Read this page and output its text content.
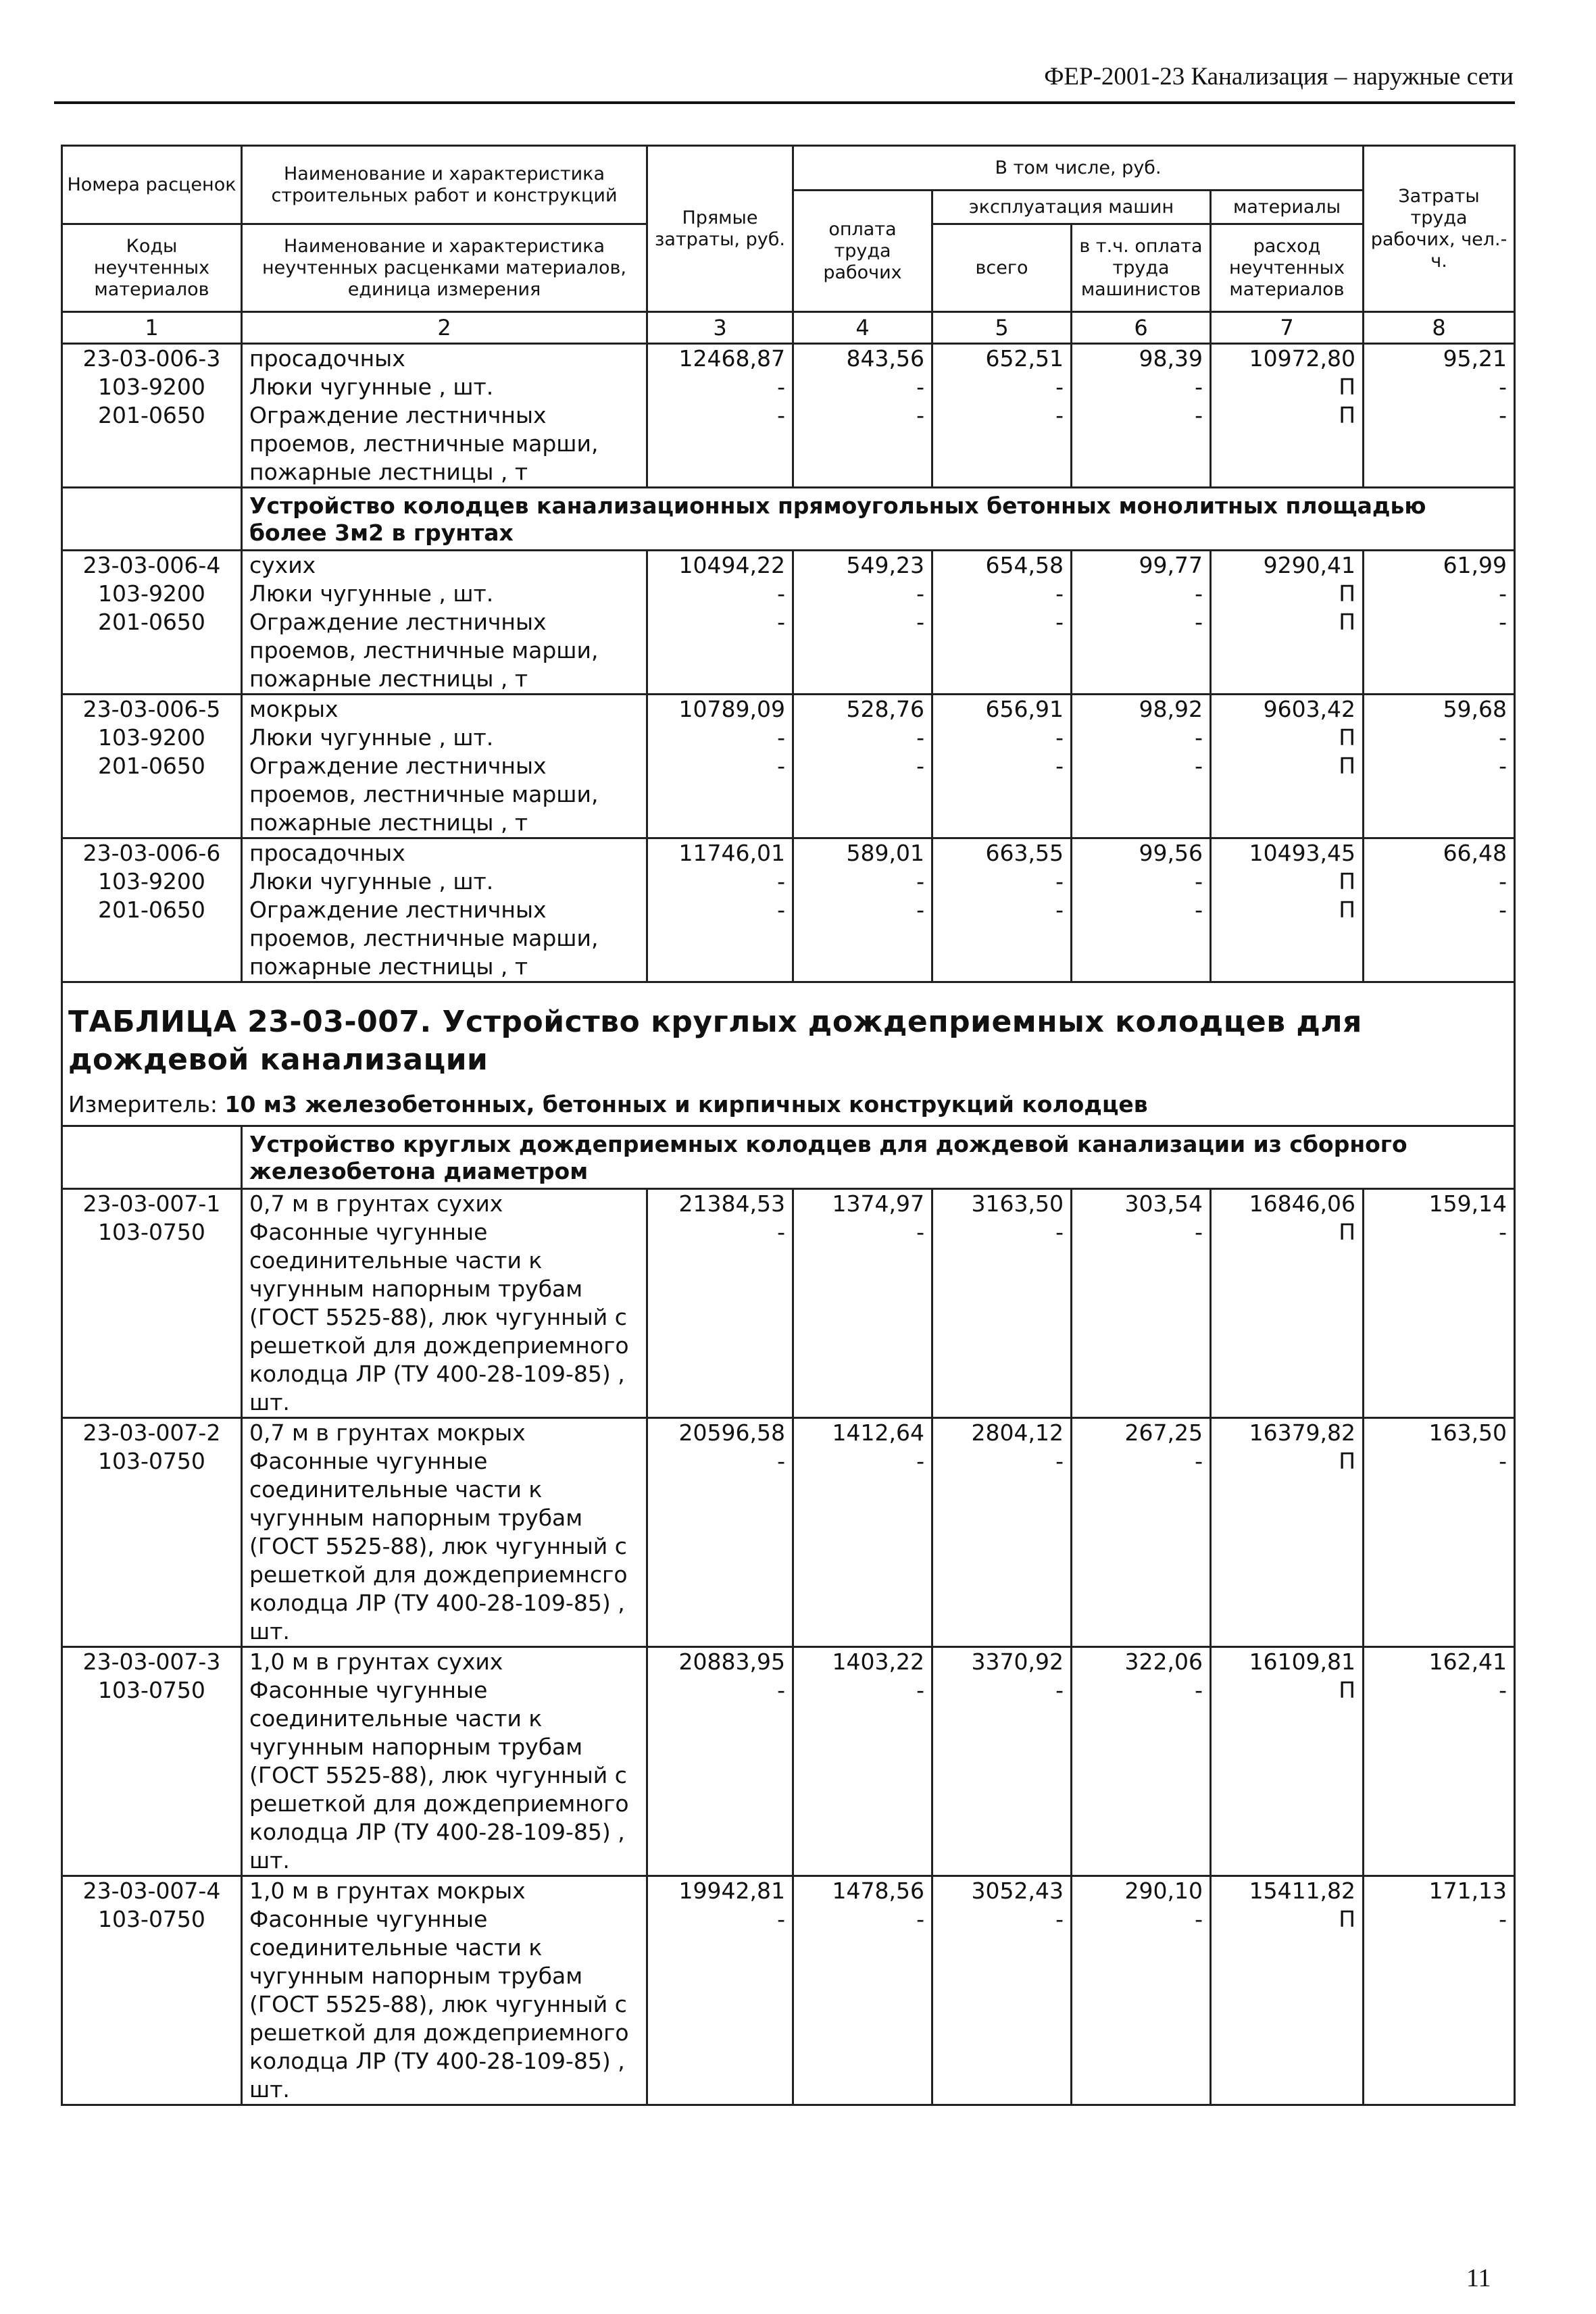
ФЕР-2001-23 Канализация – наружные сети
Номера расценок	Наименование и характеристика строительных работ и конструкций	Прямые затраты, руб.	В том числе, руб.				Затраты труда рабочих, чел.-ч.
			оплата труда рабочих	эксплуатация машин		материалы	
Коды неучтенных материалов	Наименование и характеристика неучтенных расценками материалов, единица измерения			всего	в т.ч. оплата труда машинистов	расход неучтенных материалов	

1	2	3	4	5	6	7	8
23-03-006-3	просадочных	12468,87	843,56	652,51	98,39	10972,80	95,21
103-9200	Люки чугунные , шт.	-	-	-	-	П	-
201-0650	Ограждение лестничных проемов, лестничные марши, пожарные лестницы , т	-	-	-	-	П	-
	Устройство колодцев канализационных прямоугольных бетонных монолитных площадью более 3м2 в грунтах						
23-03-006-4	сухих	10494,22	549,23	654,58	99,77	9290,41	61,99
103-9200	Люки чугунные , шт.	-	-	-	-	П	-
201-0650	Ограждение лестничных проемов, лестничные марши, пожарные лестницы , т	-	-	-	-	П	-
23-03-006-5	мокрых	10789,09	528,76	656,91	98,92	9603,42	59,68
103-9200	Люки чугунные , шт.	-	-	-	-	П	-
201-0650	Ограждение лестничных проемов, лестничные марши, пожарные лестницы , т	-	-	-	-	П	-
23-03-006-6	просадочных	11746,01	589,01	663,55	99,56	10493,45	66,48
103-9200	Люки чугунные , шт.	-	-	-	-	П	-
201-0650	Ограждение лестничных проемов, лестничные марши, пожарные лестницы , т	-	-	-	-	П	-
ТАБЛИЦА 23-03-007. Устройство круглых дождеприемных колодцев для дождевой канализации							
Измеритель: 10 м3 железобетонных, бетонных и кирпичных конструкций колодцев							
	Устройство круглых дождеприемных колодцев для дождевой канализации из сборного железобетона диаметром						
23-03-007-1	0,7 м в грунтах сухих	21384,53	1374,97	3163,50	303,54	16846,06	159,14
103-0750	Фасонные чугунные соединительные части к чугунным напорным трубам (ГОСТ 5525-88), люк чугунный с решеткой для дождеприемного колодца ЛР (ТУ 400-28-109-85) , шт.	-	-	-	-	П	-
23-03-007-2	0,7 м в грунтах мокрых	20596,58	1412,64	2804,12	267,25	16379,82	163,50
103-0750	Фасонные чугунные соединительные части к чугунным напорным трубам (ГОСТ 5525-88), люк чугунный с решеткой для дождеприемнсго колодца ЛР (ТУ 400-28-109-85) , шт.	-	-	-	-	П	-
23-03-007-3	1,0 м в грунтах сухих	20883,95	1403,22	3370,92	322,06	16109,81	162,41
103-0750	Фасонные чугунные соединительные части к чугунным напорным трубам (ГОСТ 5525-88), люк чугунный с решеткой для дождеприемного колодца ЛР (ТУ 400-28-109-85) , шт.	-	-	-	-	П	-
23-03-007-4	1,0 м в грунтах мокрых	19942,81	1478,56	3052,43	290,10	15411,82	171,13
103-0750	Фасонные чугунные соединительные части к чугунным напорным трубам (ГОСТ 5525-88), люк чугунный с решеткой для дождеприемного колодца ЛР (ТУ 400-28-109-85) , шт.	-	-	-	-	П	-
11
